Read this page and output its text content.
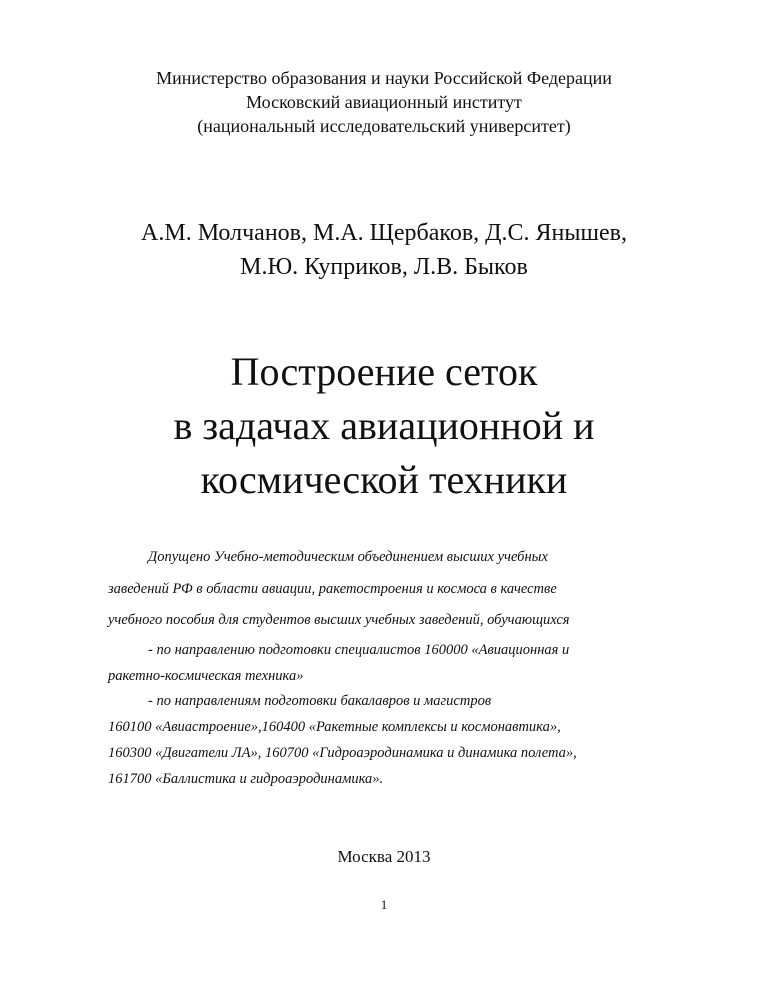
Министерство образования и науки Российской Федерации
Московский авиационный институт
(национальный исследовательский университет)
А.М. Молчанов, М.А. Щербаков, Д.С. Янышев,
М.Ю. Куприков, Л.В. Быков
Построение сеток
в задачах авиационной и
космической техники
Допущено Учебно-методическим объединением высших учебных
заведений РФ в области авиации, ракетостроения и космоса в качестве
учебного пособия для студентов высших учебных заведений, обучающихся
- по направлению подготовки специалистов 160000 «Авиационная и
ракетно-космическая техника»
- по направлениям подготовки бакалавров и магистров
160100 «Авиастроение»,160400 «Ракетные комплексы и космонавтика»,
160300 «Двигатели ЛА», 160700 «Гидроаэродинамика и динамика полета»,
161700 «Баллистика и гидроаэродинамика».
Москва 2013
1
